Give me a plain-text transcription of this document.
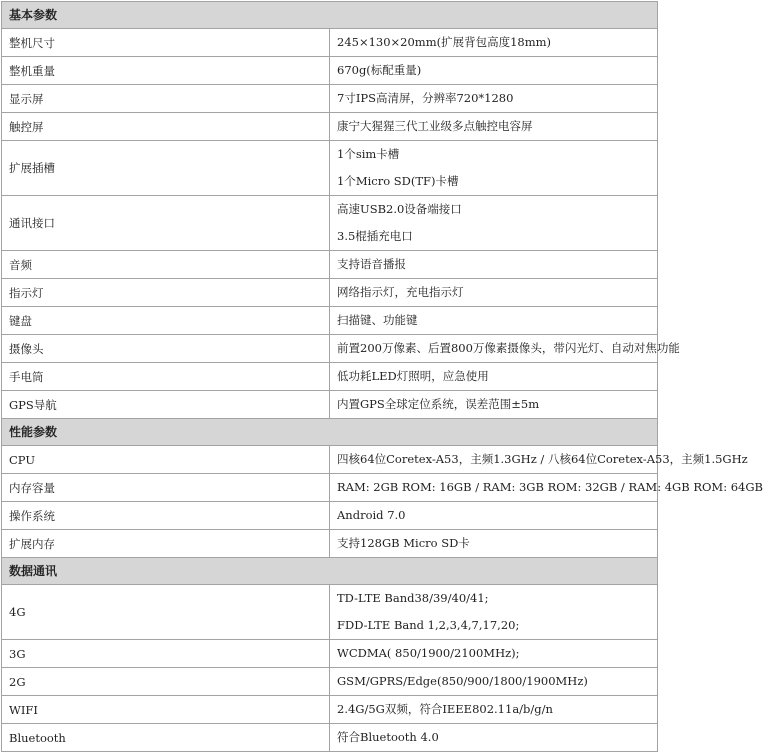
基本参数	
整机尺寸	245×130×20mm(扩展背包高度18mm)

整机重量	670g(标配重量)

显示屏	7寸IPS高清屏，分辨率720*1280

触控屏	康宁大猩猩三代工业级多点触控电容屏

扩展插槽	1个sim卡槽
1个Micro SD(TF)卡槽

通讯接口	高速USB2.0设备端接口
3.5棍插充电口

音频	支持语音播报

指示灯	网络指示灯，充电指示灯

键盘	扫描键、功能键

摄像头	前置200万像素、后置800万像素摄像头，带闪光灯、自动对焦功能

手电筒	低功耗LED灯照明，应急使用

GPS导航	内置GPS全球定位系统，误差范围±5m

性能参数	
CPU	四核64位Coretex-A53，主频1.3GHz / 八核64位Coretex-A53，主频1.5GHz

内存容量	RAM: 2GB ROM: 16GB / RAM: 3GB ROM: 32GB / RAM: 4GB ROM: 64GB

操作系统	Android 7.0

扩展内存	支持128GB Micro SD卡

数据通讯	
4G	TD-LTE Band38/39/40/41;
FDD-LTE Band 1,2,3,4,7,17,20;

3G	WCDMA( 850/1900/2100MHz);

2G	GSM/GPRS/Edge(850/900/1800/1900MHz)

WIFI	2.4G/5G双频，符合IEEE802.11a/b/g/n

Bluetooth	符合Bluetooth 4.0
